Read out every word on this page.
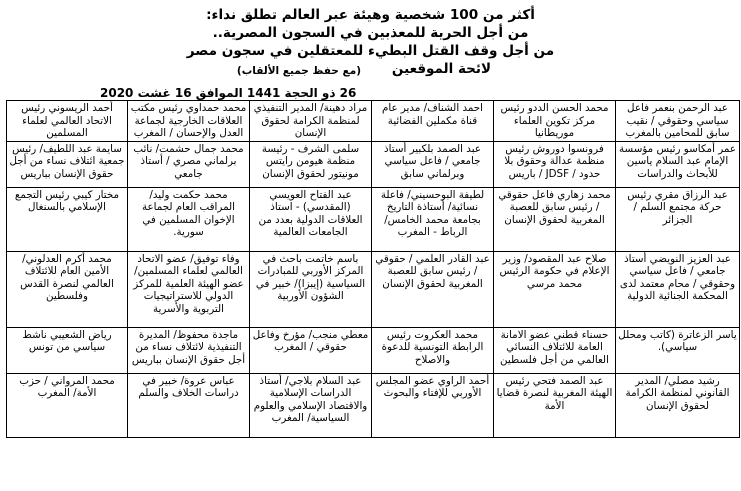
أكثر من 100 شخصية وهيئة عبر العالم تطلق نداء:
من أجل الحرية للمعذبين في السجون المصرية..
من أجل وقف القتل البطيء للمعتقلين في سجون مصر
لائحة الموقعين
(مع حفظ جميع الألقاب)
26 ذو الحجة 1441 الموافق 16 غشت 2020
عبد الرحمن بنعمر فاعل سياسي وحقوقي / نقيب سابق للمحامين بالمغرب	محمد الحسن الددو رئيس مركز تكوين العلماء موريطانيا	احمد الشناف/ مدير عام قناة مكملين الفضائية	مراد دهينة/ المدير التنفيذي لمنظمة الكرامة لحقوق الإنسان	محمد حمداوي رئيس مكتب العلاقات الخارجية لجماعة العدل والإحسان / المغرب	أحمد الريسوني رئيس الاتحاد العالمي لعلماء المسلمين
عمر أمكاسو رئيس مؤسسة الإمام عبد السلام ياسين للأبحاث والدراسات	فرونسوا دوروش رئيس منظمة عدالة وحقوق بلا حدود / JDSF / باريس	عبد الصمد بلكبير أستاذ جامعي / فاعل سياسي وبرلماني سابق	سلمى الشرف - رئيسة منظمة هيومن رايتس مونيتور لحقوق الإنسان	محمد جمال حشمت/ نائب برلماني مصري / أستاذ جامعي	سايمة عبد اللطيف/ رئيس جمعية ائتلاف نساء من أجل حقوق الإنسان بباريس
عبد الرزاق مقري رئيس حركة مجتمع السلم / الجزائر	محمد زهاري فاعل حقوقي / رئيس سابق للعصبة المغربية لحقوق الإنسان	لطيفة البوحسيني/ فاعلة نسائية/ أستاذة التاريخ بجامعة محمد الخامس/ الرباط - المغرب	عبد الفتاح العويسي (المقدسي) - استاذ العلاقات الدولية بعدد من الجامعات العالمية	محمد حكمت وليد/ المراقب العام لجماعة الإخوان المسلمين في سورية.	مختار كيبي رئيس التجمع الإسلامي بالسنغال
عبد العزيز النويضي أستاذ جامعي / فاعل سياسي وحقوقي / محام معتمد لدى المحكمة الجنائية الدولية	صلاح عبد المقصود/ وزير الإعلام في حكومة الرئيس محمد مرسي	عبد القادر العلمي / حقوقي / رئيس سابق للعصبة المغربية لحقوق الإنسان	باسم خاتمت باحث في المركز الأوربي للمبادرات السياسية (إيبزا)/ خبير في الشؤون الأوربية	وفاء توفيق/ عضو الاتحاد العالمي لعلماء المسلمين/ عضو الهيئة العلمية للمركز الدولي للاستراتيجيات التربوية والأسرية	محمد أكرم العدلوني/ الأمين العام للائتلاف العالمي لنصرة القدس وفلسطين
ياسر الزعاترة (كاتب ومحلل سياسي).	حسناء قطني عضو الامانة العامة للائتلاف النسائي العالمي من أجل فلسطين	محمد العكروت رئيس الرابطة التونسية للدعوة والاصلاح	معطي منجب/ مؤرخ وفاعل حقوقي / المغرب	ماجدة محفوظ/ المديرة التنفيذية لائتلاف نساء من أجل حقوق الإنسان بباريس	رياض الشعيبي ناشط سياسي من تونس
رشيد مصلي/ المدير القانوني لمنظمة الكرامة لحقوق الإنسان	عبد الصمد فتحي رئيس الهيئة المغربية لنصرة قضايا الأمة	أحمد الراوي عضو المجلس الأوربي للإفتاء والبحوث	عبد السلام بلاجي/ أستاذ الدراسات الإسلامية والاقتصاد الإسلامي والعلوم السياسية/ المغرب	عباس عروة/ خبير في دراسات الخلاف والسلم	محمد المرواني / حزب الأمة/ المغرب
